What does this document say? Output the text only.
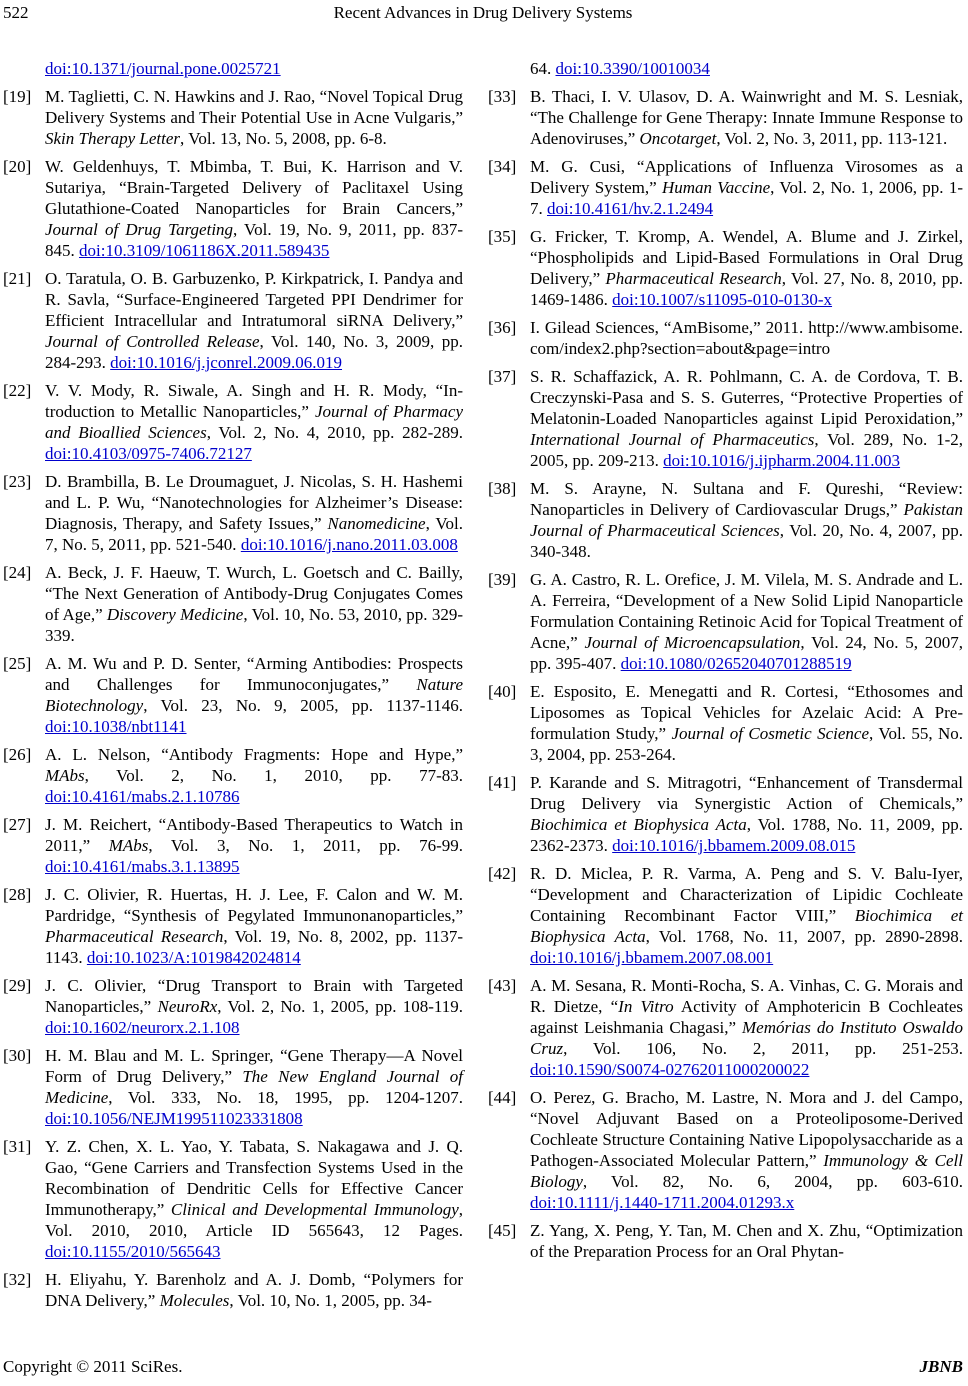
522	Recent Advances in Drug Delivery Systems
doi:10.1371/journal.pone.0025721
[19] M. Taglietti, C. N. Hawkins and J. Rao, “Novel Topical Drug Delivery Systems and Their Potential Use in Acne Vulgaris,” Skin Therapy Letter, Vol. 13, No. 5, 2008, pp. 6-8.
[20] W. Geldenhuys, T. Mbimba, T. Bui, K. Harrison and V. Sutariya, “Brain-Targeted Delivery of Paclitaxel Using Glutathione-Coated Nanoparticles for Brain Cancers,” Journal of Drug Targeting, Vol. 19, No. 9, 2011, pp. 837-845. doi:10.3109/1061186X.2011.589435
[21] O. Taratula, O. B. Garbuzenko, P. Kirkpatrick, I. Pandya and R. Savla, “Surface-Engineered Targeted PPI Dendrimer for Efficient Intracellular and Intratumoral siRNA Delivery,” Journal of Controlled Release, Vol. 140, No. 3, 2009, pp. 284-293. doi:10.1016/j.jconrel.2009.06.019
[22] V. V. Mody, R. Siwale, A. Singh and H. R. Mody, “Introduction to Metallic Nanoparticles,” Journal of Pharmacy and Bioallied Sciences, Vol. 2, No. 4, 2010, pp. 282-289. doi:10.4103/0975-7406.72127
[23] D. Brambilla, B. Le Droumaguet, J. Nicolas, S. H. Hashemi and L. P. Wu, “Nanotechnologies for Alzheimer’s Disease: Diagnosis, Therapy, and Safety Issues,” Nanomedicine, Vol. 7, No. 5, 2011, pp. 521-540. doi:10.1016/j.nano.2011.03.008
[24] A. Beck, J. F. Haeuw, T. Wurch, L. Goetsch and C. Bailly, “The Next Generation of Antibody-Drug Conjugates Comes of Age,” Discovery Medicine, Vol. 10, No. 53, 2010, pp. 329-339.
[25] A. M. Wu and P. D. Senter, “Arming Antibodies: Prospects and Challenges for Immunoconjugates,” Nature Biotechnology, Vol. 23, No. 9, 2005, pp. 1137-1146. doi:10.1038/nbt1141
[26] A. L. Nelson, “Antibody Fragments: Hope and Hype,” MAbs, Vol. 2, No. 1, 2010, pp. 77-83. doi:10.4161/mabs.2.1.10786
[27] J. M. Reichert, “Antibody-Based Therapeutics to Watch in 2011,” MAbs, Vol. 3, No. 1, 2011, pp. 76-99. doi:10.4161/mabs.3.1.13895
[28] J. C. Olivier, R. Huertas, H. J. Lee, F. Calon and W. M. Pardridge, “Synthesis of Pegylated Immunonanoparticles,” Pharmaceutical Research, Vol. 19, No. 8, 2002, pp. 1137-1143. doi:10.1023/A:1019842024814
[29] J. C. Olivier, “Drug Transport to Brain with Targeted Nanoparticles,” NeuroRx, Vol. 2, No. 1, 2005, pp. 108-119. doi:10.1602/neurorx.2.1.108
[30] H. M. Blau and M. L. Springer, “Gene Therapy—A Novel Form of Drug Delivery,” The New England Journal of Medicine, Vol. 333, No. 18, 1995, pp. 1204-1207. doi:10.1056/NEJM199511023331808
[31] Y. Z. Chen, X. L. Yao, Y. Tabata, S. Nakagawa and J. Q. Gao, “Gene Carriers and Transfection Systems Used in the Recombination of Dendritic Cells for Effective Cancer Immunotherapy,” Clinical and Developmental Immunology, Vol. 2010, 2010, Article ID 565643, 12 Pages. doi:10.1155/2010/565643
[32] H. Eliyahu, Y. Barenholz and A. J. Domb, “Polymers for DNA Delivery,” Molecules, Vol. 10, No. 1, 2005, pp. 34-
64. doi:10.3390/10010034
[33] B. Thaci, I. V. Ulasov, D. A. Wainwright and M. S. Lesniak, “The Challenge for Gene Therapy: Innate Immune Response to Adenoviruses,” Oncotarget, Vol. 2, No. 3, 2011, pp. 113-121.
[34] M. G. Cusi, “Applications of Influenza Virosomes as a Delivery System,” Human Vaccine, Vol. 2, No. 1, 2006, pp. 1-7. doi:10.4161/hv.2.1.2494
[35] G. Fricker, T. Kromp, A. Wendel, A. Blume and J. Zirkel, “Phospholipids and Lipid-Based Formulations in Oral Drug Delivery,” Pharmaceutical Research, Vol. 27, No. 8, 2010, pp. 1469-1486. doi:10.1007/s11095-010-0130-x
[36] I. Gilead Sciences, “AmBisome,” 2011. http://www.ambisome.com/index2.php?section=about&page=intro
[37] S. R. Schaffazick, A. R. Pohlmann, C. A. de Cordova, T. B. Creczynski-Pasa and S. S. Guterres, “Protective Properties of Melatonin-Loaded Nanoparticles against Lipid Peroxidation,” International Journal of Pharmaceutics, Vol. 289, No. 1-2, 2005, pp. 209-213. doi:10.1016/j.ijpharm.2004.11.003
[38] M. S. Arayne, N. Sultana and F. Qureshi, “Review: Nanoparticles in Delivery of Cardiovascular Drugs,” Pakistan Journal of Pharmaceutical Sciences, Vol. 20, No. 4, 2007, pp. 340-348.
[39] G. A. Castro, R. L. Orefice, J. M. Vilela, M. S. Andrade and L. A. Ferreira, “Development of a New Solid Lipid Nanoparticle Formulation Containing Retinoic Acid for Topical Treatment of Acne,” Journal of Microencapsulation, Vol. 24, No. 5, 2007, pp. 395-407. doi:10.1080/02652040701288519
[40] E. Esposito, E. Menegatti and R. Cortesi, “Ethosomes and Liposomes as Topical Vehicles for Azelaic Acid: A Preformulation Study,” Journal of Cosmetic Science, Vol. 55, No. 3, 2004, pp. 253-264.
[41] P. Karande and S. Mitragotri, “Enhancement of Transdermal Drug Delivery via Synergistic Action of Chemicals,” Biochimica et Biophysica Acta, Vol. 1788, No. 11, 2009, pp. 2362-2373. doi:10.1016/j.bbamem.2009.08.015
[42] R. D. Miclea, P. R. Varma, A. Peng and S. V. Balu-Iyer, “Development and Characterization of Lipidic Cochleate Containing Recombinant Factor VIII,” Biochimica et Biophysica Acta, Vol. 1768, No. 11, 2007, pp. 2890-2898. doi:10.1016/j.bbamem.2007.08.001
[43] A. M. Sesana, R. Monti-Rocha, S. A. Vinhas, C. G. Morais and R. Dietze, “In Vitro Activity of Amphotericin B Cochleates against Leishmania Chagasi,” Memórias do Instituto Oswaldo Cruz, Vol. 106, No. 2, 2011, pp. 251-253. doi:10.1590/S0074-02762011000200022
[44] O. Perez, G. Bracho, M. Lastre, N. Mora and J. del Campo, “Novel Adjuvant Based on a Proteoliposome-Derived Cochleate Structure Containing Native Lipopolysaccharide as a Pathogen-Associated Molecular Pattern,” Immunology & Cell Biology, Vol. 82, No. 6, 2004, pp. 603-610. doi:10.1111/j.1440-1711.2004.01293.x
[45] Z. Yang, X. Peng, Y. Tan, M. Chen and X. Zhu, “Optimization of the Preparation Process for an Oral Phytan-
Copyright © 2011 SciRes.	JBNB
